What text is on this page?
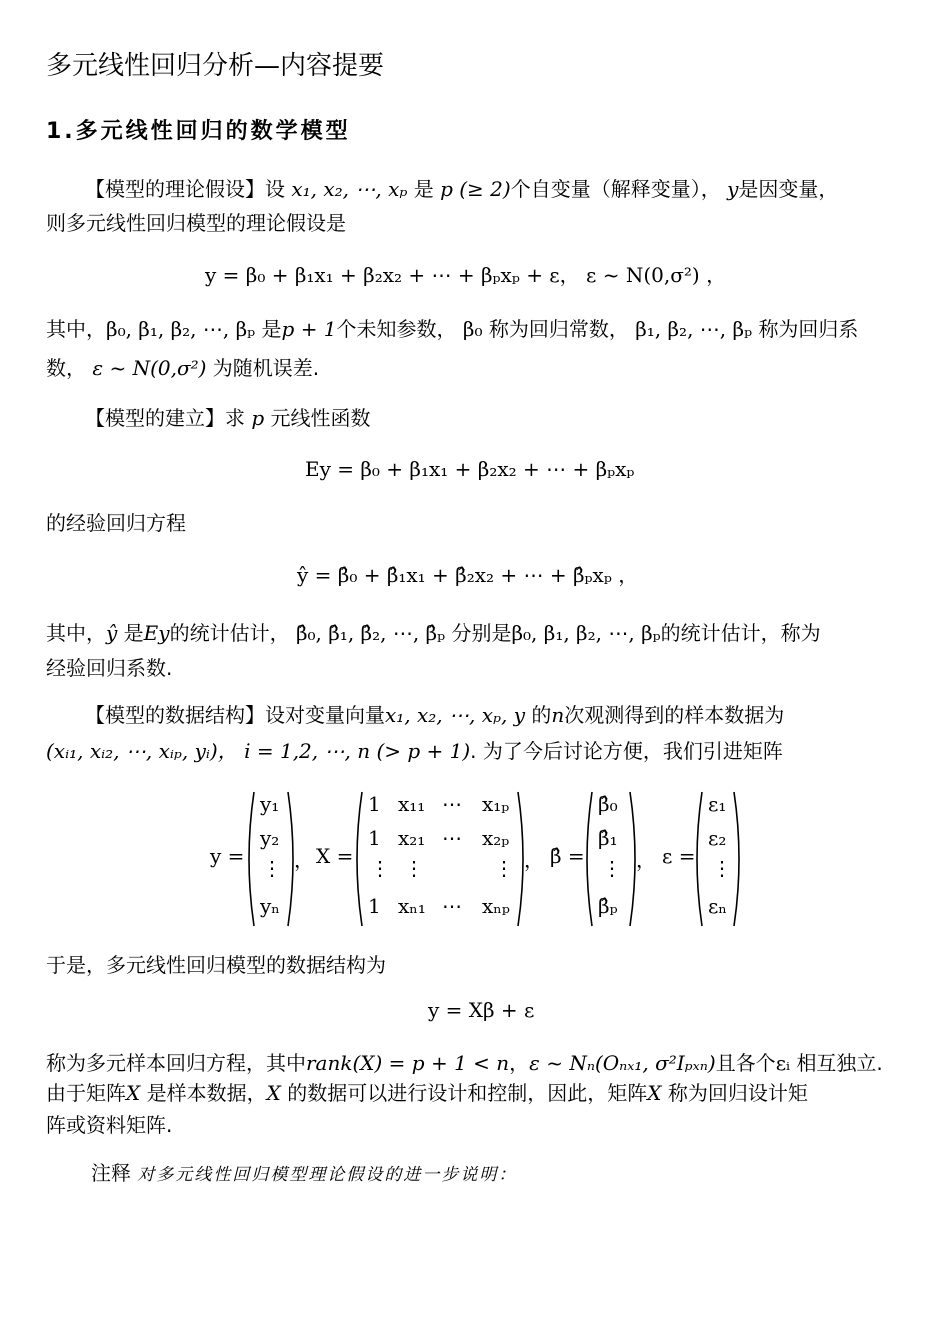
多元线性回归分析—内容提要
1.多元线性回归的数学模型
【模型的理论假设】设 x₁, x₂, ⋯, xₚ 是 p (≥ 2)个自变量（解释变量）， y是因变量，
则多元线性回归模型的理论假设是
y = β₀ + β₁x₁ + β₂x₂ + ⋯ + βₚxₚ + ε， ε ~ N(0,σ²) ，
其中，β₀, β₁, β₂, ⋯, βₚ 是p + 1个未知参数， β₀ 称为回归常数， β₁, β₂, ⋯, βₚ 称为回归系
数， ε ~ N(0,σ²) 为随机误差.
【模型的建立】求 p 元线性函数
Ey = β₀ + β₁x₁ + β₂x₂ + ⋯ + βₚxₚ
的经验回归方程
ŷ = β̂₀ + β̂₁x₁ + β̂₂x₂ + ⋯ + β̂ₚxₚ ，
其中，ŷ 是Ey的统计估计， β̂₀, β̂₁, β̂₂, ⋯, β̂ₚ 分别是β₀, β₁, β₂, ⋯, βₚ的统计估计，称为
经验回归系数.
【模型的数据结构】设对变量向量x₁, x₂, ⋯, xₚ, y 的n次观测得到的样本数据为
(xᵢ₁, xᵢ₂, ⋯, xᵢₚ, yᵢ)， i = 1,2, ⋯, n (> p + 1). 为了今后讨论方便，我们引进矩阵
y =
y₁
y₂
⋮
yₙ
， X =
1 x₁₁ ⋯ x₁ₚ
1 x₂₁ ⋯ x₂ₚ
⋮ ⋮	⋮
1 xₙ₁ ⋯ xₙₚ
， β̂ =
β̂₀
β̂₁
⋮
β̂ₚ
， ε =
ε₁
ε₂
⋮
εₙ
于是，多元线性回归模型的数据结构为
y = Xβ + ε
称为多元样本回归方程，其中rank(X) = p + 1 < n，ε ~ Nₙ(Oₙₓ₁, σ²Iₚₓₙ)且各个εᵢ 相互独立.
由于矩阵X 是样本数据，X 的数据可以进行设计和控制，因此，矩阵X 称为回归设计矩
阵或资料矩阵.
注释 对多元线性回归模型理论假设的进一步说明：
